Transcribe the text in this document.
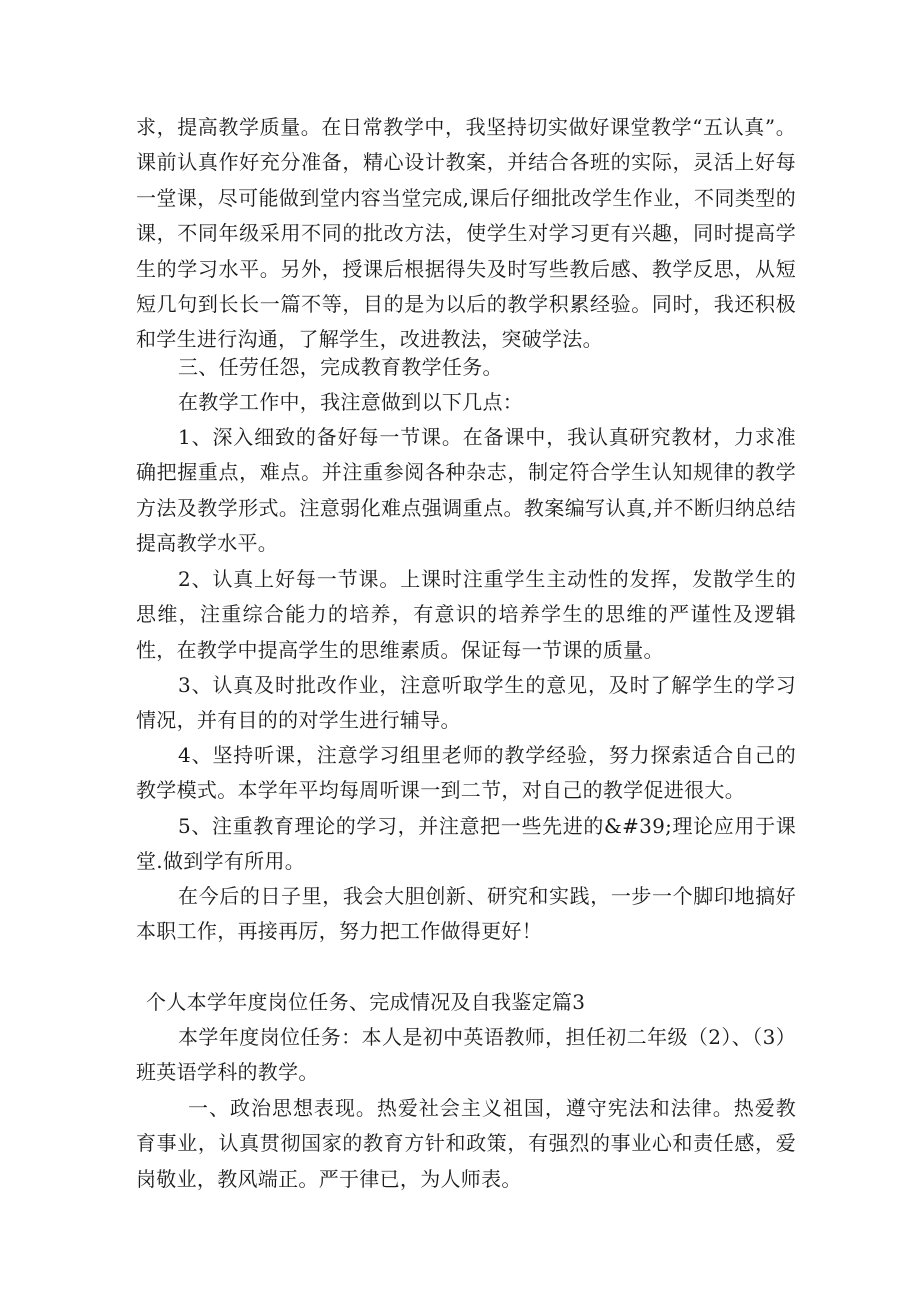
求，提高教学质量。在日常教学中，我坚持切实做好课堂教学“五认真”。课前认真作好充分准备，精心设计教案，并结合各班的实际，灵活上好每一堂课，尽可能做到堂内容当堂完成,课后仔细批改学生作业，不同类型的课，不同年级采用不同的批改方法，使学生对学习更有兴趣，同时提高学生的学习水平。另外，授课后根据得失及时写些教后感、教学反思，从短短几句到长长一篇不等，目的是为以后的教学积累经验。同时，我还积极和学生进行沟通，了解学生，改进教法，突破学法。

三、任劳任怨，完成教育教学任务。

在教学工作中，我注意做到以下几点：

1、深入细致的备好每一节课。在备课中，我认真研究教材，力求准确把握重点，难点。并注重参阅各种杂志，制定符合学生认知规律的教学方法及教学形式。注意弱化难点强调重点。教案编写认真,并不断归纳总结提高教学水平。

2、认真上好每一节课。上课时注重学生主动性的发挥，发散学生的思维，注重综合能力的培养，有意识的培养学生的思维的严谨性及逻辑性，在教学中提高学生的思维素质。保证每一节课的质量。

3、认真及时批改作业，注意听取学生的意见，及时了解学生的学习情况，并有目的的对学生进行辅导。

4、坚持听课，注意学习组里老师的教学经验，努力探索适合自己的教学模式。本学年平均每周听课一到二节，对自己的教学促进很大。

5、注重教育理论的学习，并注意把一些先进的&#39;理论应用于课堂.做到学有所用。

在今后的日子里，我会大胆创新、研究和实践，一步一个脚印地搞好本职工作，再接再厉，努力把工作做得更好！

个人本学年度岗位任务、完成情况及自我鉴定篇3

本学年度岗位任务：本人是初中英语教师，担任初二年级（2）、（3）班英语学科的教学。

一、政治思想表现。热爱社会主义祖国，遵守宪法和法律。热爱教育事业，认真贯彻国家的教育方针和政策，有强烈的事业心和责任感，爱岗敬业，教风端正。严于律已，为人师表。
